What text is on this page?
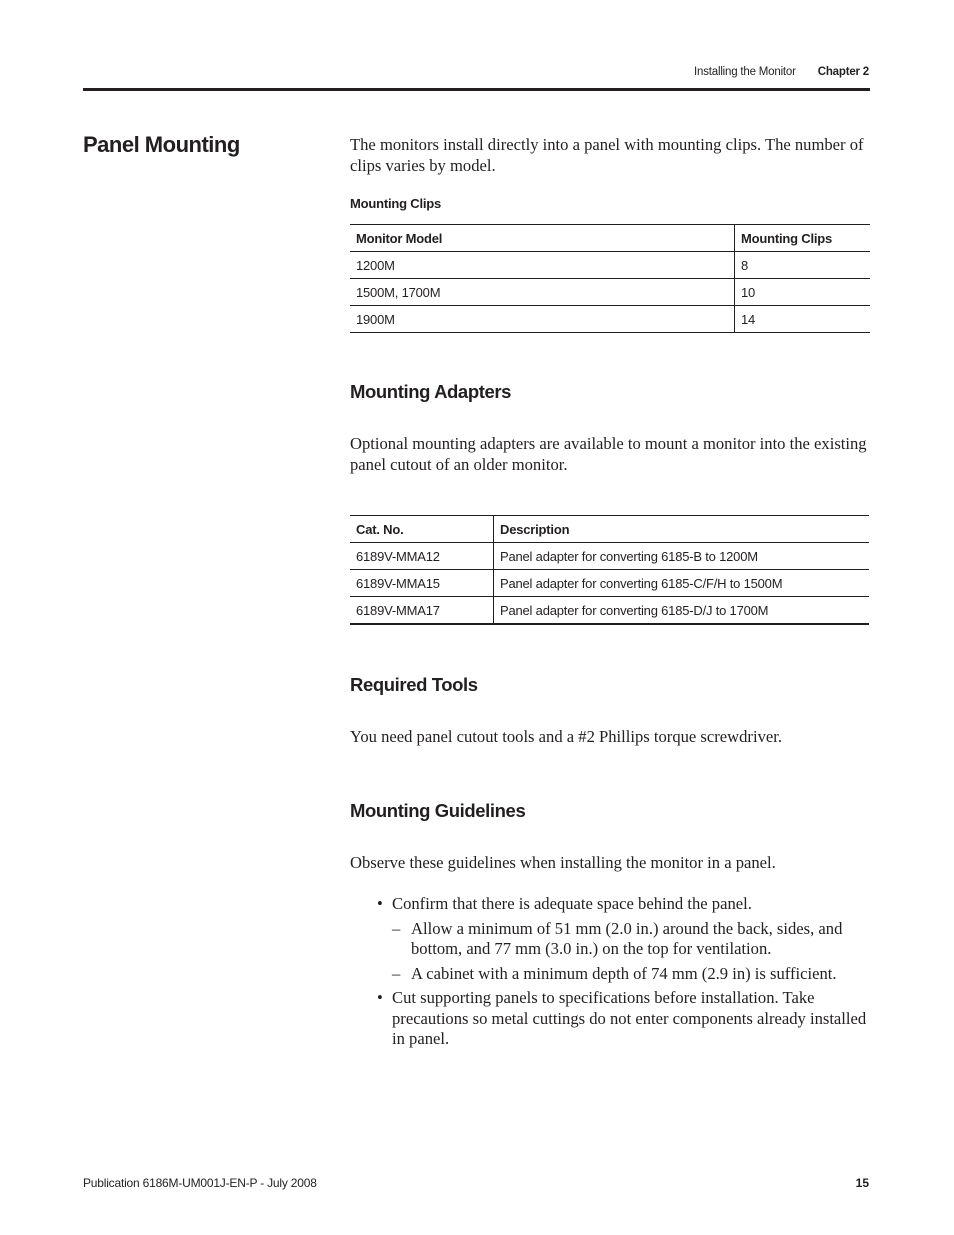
Installing the Monitor Chapter 2
Panel Mounting	The monitors install directly into a panel with mounting clips. The number of clips varies by model.

Mounting Clips

Monitor Model	Mounting Clips
1200M	8
1500M, 1700M	10
1900M	14
Mounting Adapters

Optional mounting adapters are available to mount a monitor into the existing panel cutout of an older monitor.

Cat. No.	Description
6189V-MMA12	Panel adapter for converting 6185-B to 1200M
6189V-MMA15	Panel adapter for converting 6185-C/F/H to 1500M
6189V-MMA17	Panel adapter for converting 6185-D/J to 1700M
Required Tools

You need panel cutout tools and a #2 Phillips torque screwdriver.

Mounting Guidelines

Observe these guidelines when installing the monitor in a panel.

• Confirm that there is adequate space behind the panel.
– Allow a minimum of 51 mm (2.0 in.) around the back, sides, and bottom, and 77 mm (3.0 in.) on the top for ventilation.
– A cabinet with a minimum depth of 74 mm (2.9 in) is sufficient.
• Cut supporting panels to specifications before installation. Take precautions so metal cuttings do not enter components already installed in panel.
Publication 6186M-UM001J-EN-P - July 2008	15
